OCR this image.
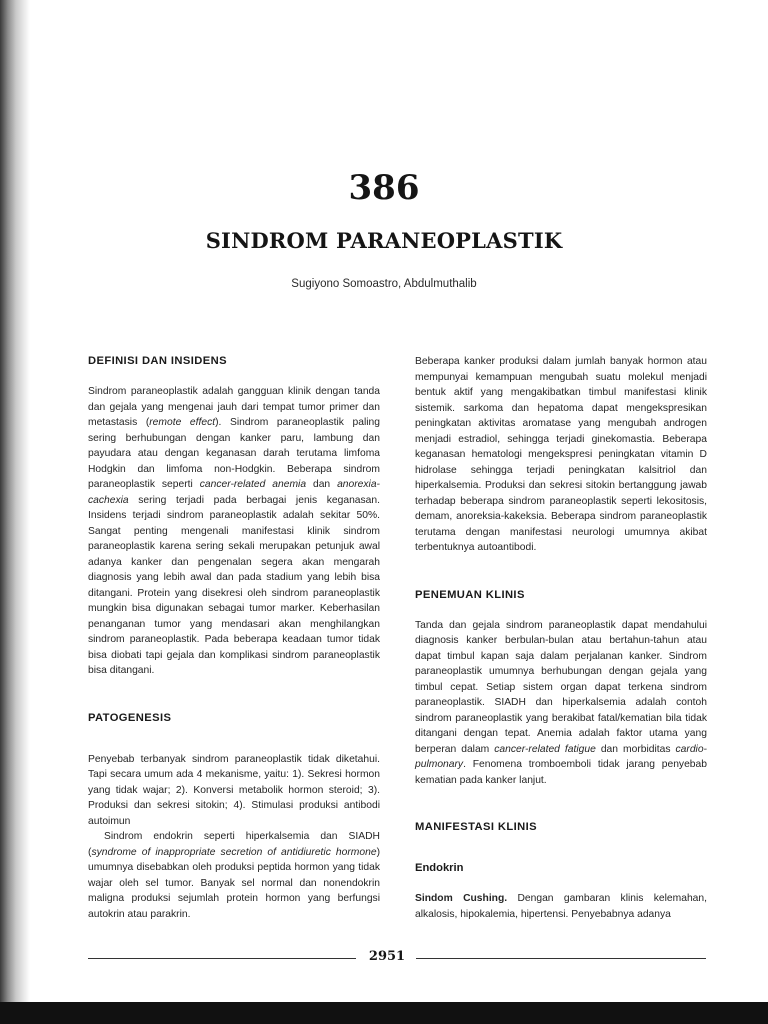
386
SINDROM PARANEOPLASTIK
Sugiyono Somoastro, Abdulmuthalib
DEFINISI DAN INSIDENS

Sindrom paraneoplastik adalah gangguan klinik dengan tanda dan gejala yang mengenai jauh dari tempat tumor primer dan metastasis (remote effect). Sindrom paraneoplastik paling sering berhubungan dengan kanker paru, lambung dan payudara atau dengan keganasan darah terutama limfoma Hodgkin dan limfoma non-Hodgkin. Beberapa sindrom paraneoplastik seperti cancer-related anemia dan anorexia-cachexia sering terjadi pada berbagai jenis keganasan. Insidens terjadi sindrom paraneoplastik adalah sekitar 50%. Sangat penting mengenali manifestasi klinik sindrom paraneoplastik karena sering sekali merupakan petunjuk awal adanya kanker dan pengenalan segera akan mengarah diagnosis yang lebih awal dan pada stadium yang lebih bisa ditangani. Protein yang disekresi oleh sindrom paraneoplastik mungkin bisa digunakan sebagai tumor marker. Keberhasilan penanganan tumor yang mendasari akan menghilangkan sindrom paraneoplastik. Pada beberapa keadaan tumor tidak bisa diobati tapi gejala dan komplikasi sindrom paraneoplastik bisa ditangani.

PATOGENESIS

Penyebab terbanyak sindrom paraneoplastik tidak diketahui. Tapi secara umum ada 4 mekanisme, yaitu: 1). Sekresi hormon yang tidak wajar; 2). Konversi metabolik hormon steroid; 3). Produksi dan sekresi sitokin; 4). Stimulasi produksi antibodi autoimun

Sindrom endokrin seperti hiperkalsemia dan SIADH (syndrome of inappropriate secretion of antidiuretic hormone) umumnya disebabkan oleh produksi peptida hormon yang tidak wajar oleh sel tumor. Banyak sel normal dan nonendokrin maligna produksi sejumlah protein hormon yang berfungsi autokrin atau parakrin.

Beberapa kanker produksi dalam jumlah banyak hormon atau mempunyai kemampuan mengubah suatu molekul menjadi bentuk aktif yang mengakibatkan timbul manifestasi klinik sistemik. sarkoma dan hepatoma dapat mengekspresikan peningkatan aktivitas aromatase yang mengubah androgen menjadi estradiol, sehingga terjadi ginekomastia. Beberapa keganasan hematologi mengekspresi peningkatan vitamin D hidrolase sehingga terjadi peningkatan kalsitriol dan hiperkalsemia. Produksi dan sekresi sitokin bertanggung jawab terhadap beberapa sindrom paraneoplastik seperti lekositosis, demam, anoreksia-kakeksia. Beberapa sindrom paraneoplastik terutama dengan manifestasi neurologi umumnya akibat terbentuknya autoantibodi.

PENEMUAN KLINIS

Tanda dan gejala sindrom paraneoplastik dapat mendahului diagnosis kanker berbulan-bulan atau bertahun-tahun atau dapat timbul kapan saja dalam perjalanan kanker. Sindrom paraneoplastik umumnya berhubungan dengan gejala yang timbul cepat. Setiap sistem organ dapat terkena sindrom paraneoplastik. SIADH dan hiperkalsemia adalah contoh sindrom paraneoplastik yang berakibat fatal/kematian bila tidak ditangani dengan tepat. Anemia adalah faktor utama yang berperan dalam cancer-related fatigue dan morbiditas cardio-pulmonary. Fenomena tromboemboli tidak jarang penyebab kematian pada kanker lanjut.

MANIFESTASI KLINIS
Endokrin

Sindom Cushing. Dengan gambaran klinis kelemahan, alkalosis, hipokalemia, hipertensi. Penyebabnya adanya

2951
